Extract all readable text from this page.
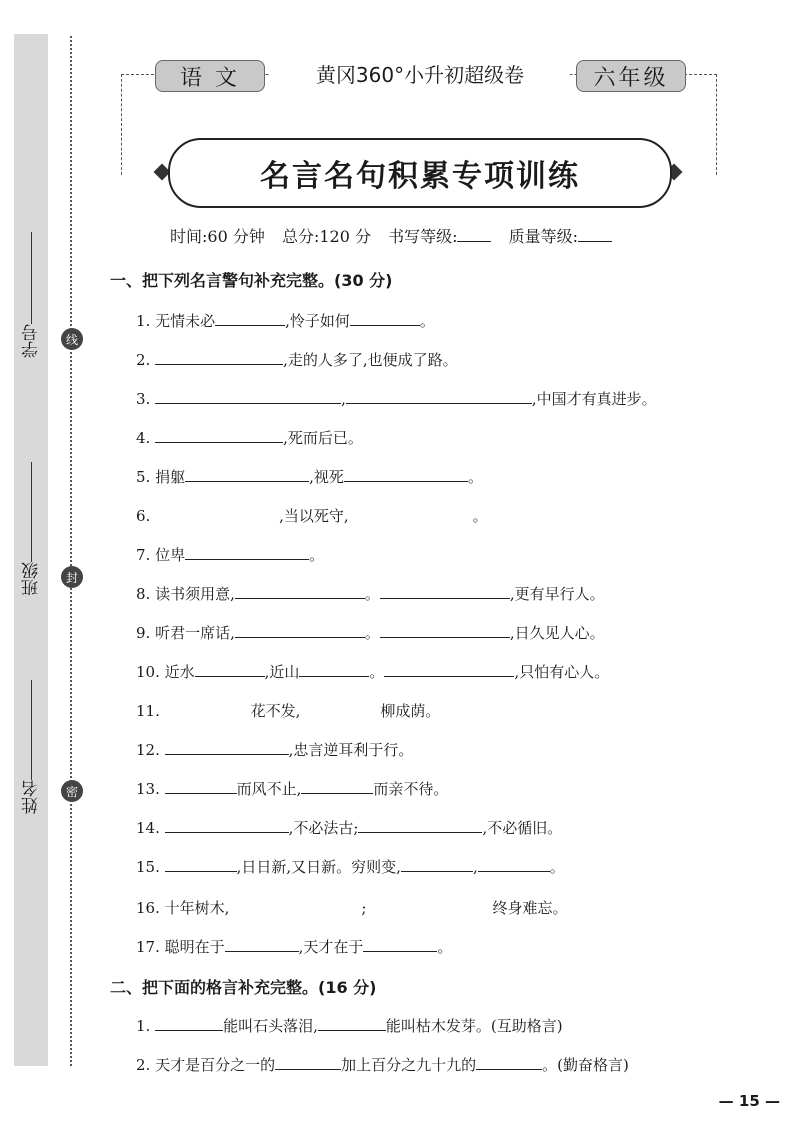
学号
班级
姓名
线
封
密
语 文	黄冈360°小升初超级卷	六年级
名言名句积累专项训练
时间:60 分钟 总分:120 分 书写等级:	质量等级:
一、把下列名言警句补充完整。(30 分)
1. 无情未必	,怜子如何	。
2.	,走的人多了,也便成了路。
3.	,	,中国才有真进步。
4.	,死而后已。
5. 捐躯	,视死	。
6.	,当以死守,	。
7. 位卑	。
8. 读书须用意,	。	,更有早行人。
9. 听君一席话,	。	,日久见人心。
10. 近水	,近山	。	,只怕有心人。
11.	花不发,	柳成荫。
12.	,忠言逆耳利于行。
13.	而风不止,	而亲不待。
14.	,不必法古;	,不必循旧。
15.	,日日新,又日新。穷则变,	,	。
16. 十年树木,	;	终身难忘。
17. 聪明在于	,天才在于	。
二、把下面的格言补充完整。(16 分)
1.	能叫石头落泪,	能叫枯木发芽。(互助格言)
2. 天才是百分之一的	加上百分之九十九的	。(勤奋格言)
— 15 —
